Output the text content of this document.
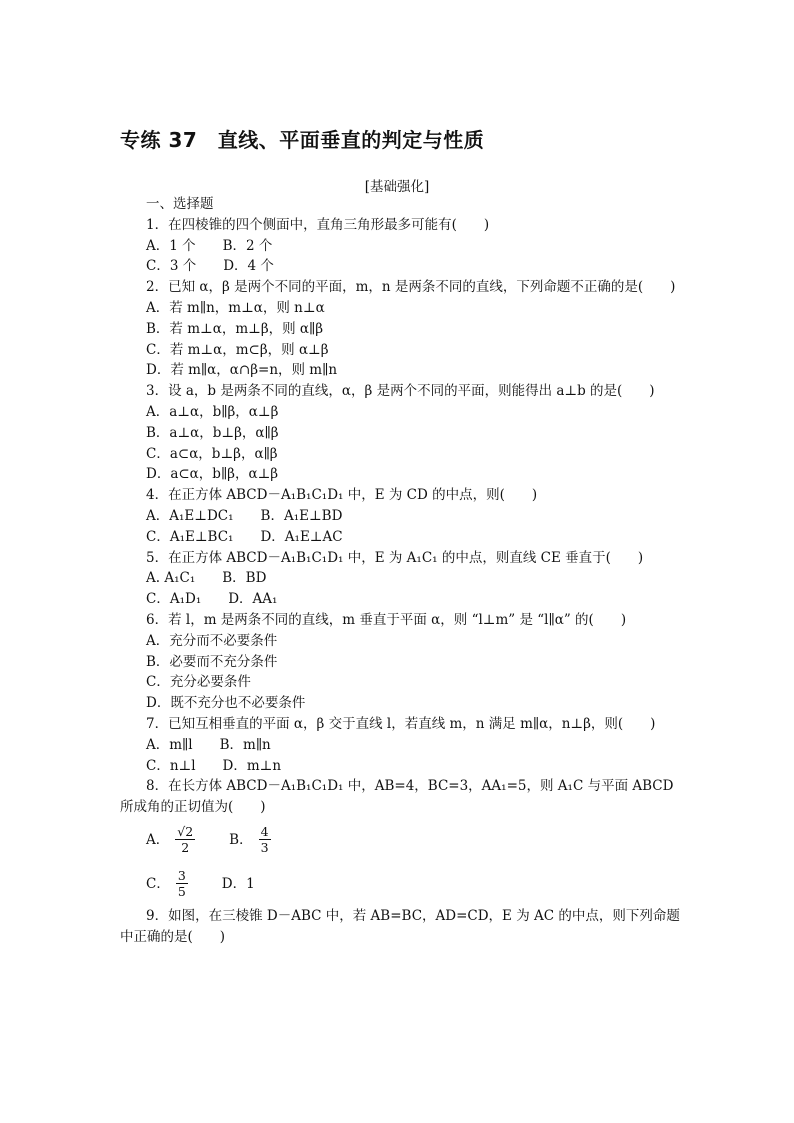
专练 37　直线、平面垂直的判定与性质
[基础强化]
一、选择题
1．在四棱锥的四个侧面中，直角三角形最多可能有(　　)
A．1 个　　B．2 个
C．3 个　　D．4 个
2．已知 α，β 是两个不同的平面，m，n 是两条不同的直线，下列命题不正确的是(　　)
A．若 m∥n，m⊥α，则 n⊥α
B．若 m⊥α，m⊥β，则 α∥β
C．若 m⊥α，m⊂β，则 α⊥β
D．若 m∥α，α∩β=n，则 m∥n
3．设 a，b 是两条不同的直线，α，β 是两个不同的平面，则能得出 a⊥b 的是(　　)
A．a⊥α，b∥β，α⊥β
B．a⊥α，b⊥β，α∥β
C．a⊂α，b⊥β，α∥β
D．a⊂α，b∥β，α⊥β
4．在正方体 ABCD－A₁B₁C₁D₁ 中，E 为 CD 的中点，则(　　)
A．A₁E⊥DC₁　　B．A₁E⊥BD
C．A₁E⊥BC₁　　D．A₁E⊥AC
5．在正方体 ABCD－A₁B₁C₁D₁ 中，E 为 A₁C₁ 的中点，则直线 CE 垂直于(　　)
A. A₁C₁　　B．BD
C．A₁D₁　　D．AA₁
6．若 l，m 是两条不同的直线，m 垂直于平面 α，则 “l⊥m” 是 “l∥α” 的(　　)
A．充分而不必要条件
B．必要而不充分条件
C．充分必要条件
D．既不充分也不必要条件
7．已知互相垂直的平面 α，β 交于直线 l，若直线 m，n 满足 m∥α，n⊥β，则(　　)
A．m∥l　　B．m∥n
C．n⊥l　　D．m⊥n
8．在长方体 ABCD－A₁B₁C₁D₁ 中，AB=4，BC=3，AA₁=5，则 A₁C 与平面 ABCD 所成角的正切值为(　　)
A． $\frac{√2}{2}$	B． $\frac{4}{3}$
C． $\frac{3}{5}$	D．1
9．如图，在三棱锥 D－ABC 中，若 AB=BC，AD=CD，E 为 AC 的中点，则下列命题中正确的是(　　)
